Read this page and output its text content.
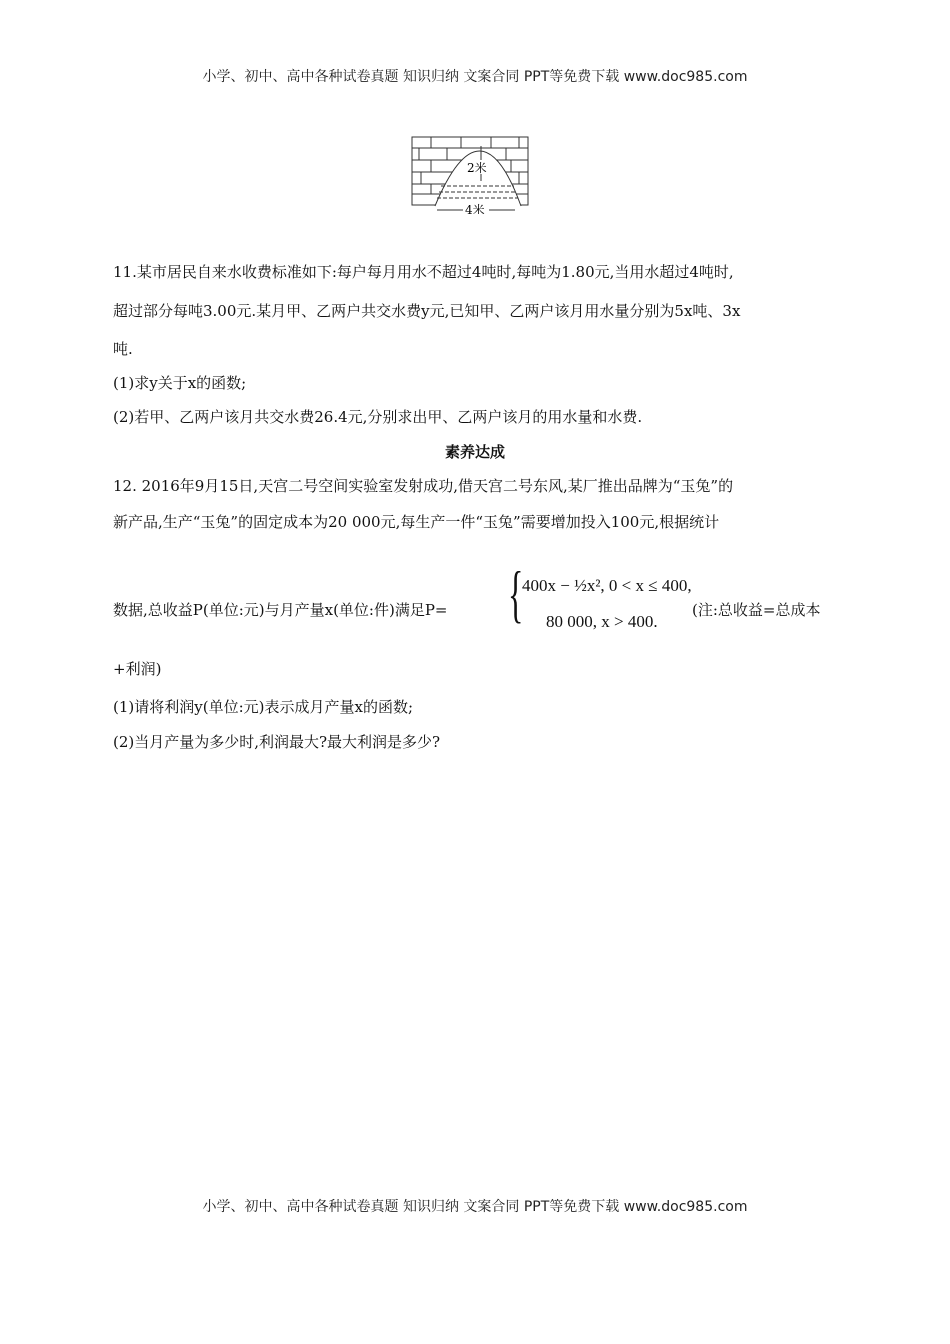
小学、初中、高中各种试卷真题 知识归纳 文案合同 PPT等免费下载 www.doc985.com
2米
4米
11.某市居民自来水收费标准如下:每户每月用水不超过4吨时,每吨为1.80元,当用水超过4吨时,
超过部分每吨3.00元.某月甲、乙两户共交水费y元,已知甲、乙两户该月用水量分别为5x吨、3x
吨.
(1)求y关于x的函数;
(2)若甲、乙两户该月共交水费26.4元,分别求出甲、乙两户该月的用水量和水费.
素养达成
12. 2016年9月15日,天宫二号空间实验室发射成功,借天宫二号东风,某厂推出品牌为“玉兔”的
新产品,生产“玉兔”的固定成本为20 000元,每生产一件“玉兔”需要增加投入100元,根据统计
数据,总收益P(单位:元)与月产量x(单位:件)满足P= {
400x − ½x², 0 < x ≤ 400,
80 000, x > 400.
(注:总收益=总成本
+利润)
(1)请将利润y(单位:元)表示成月产量x的函数;
(2)当月产量为多少时,利润最大?最大利润是多少?
小学、初中、高中各种试卷真题 知识归纳 文案合同 PPT等免费下载 www.doc985.com
